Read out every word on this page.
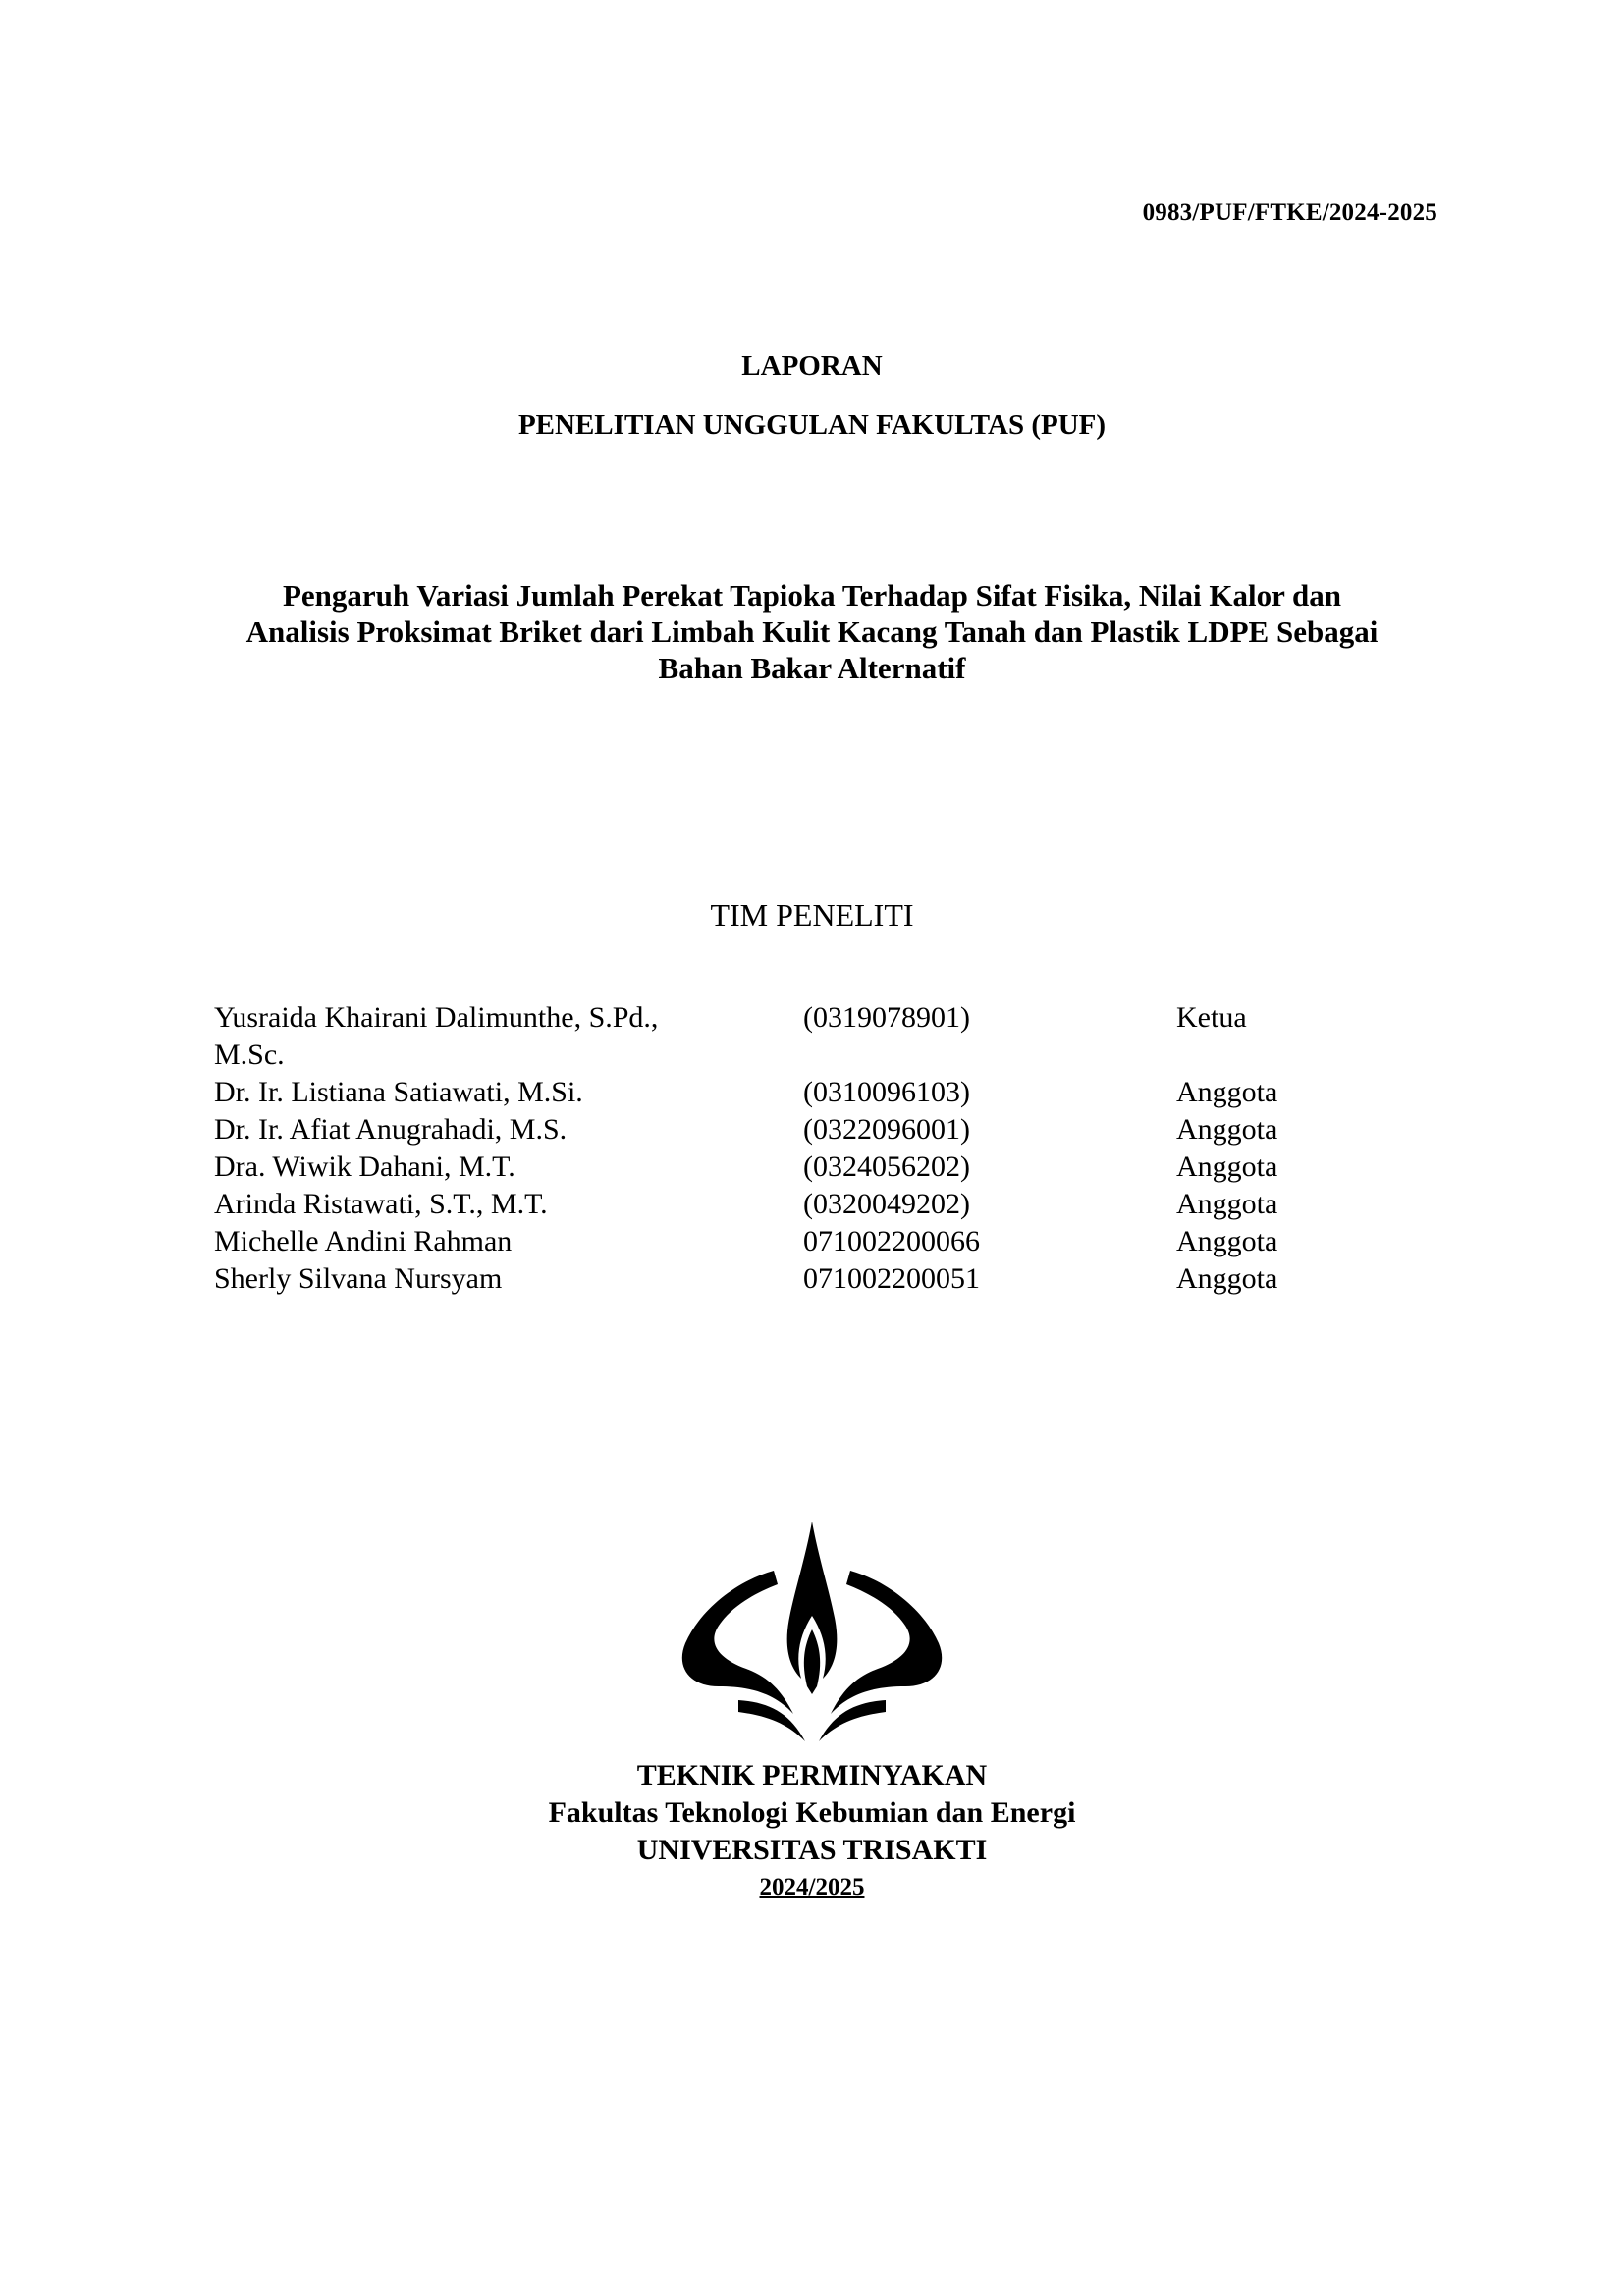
0983/PUF/FTKE/2024-2025
LAPORAN
PENELITIAN UNGGULAN FAKULTAS (PUF)
Pengaruh Variasi Jumlah Perekat Tapioka Terhadap Sifat Fisika, Nilai Kalor dan
Analisis Proksimat Briket dari Limbah Kulit Kacang Tanah dan Plastik LDPE Sebagai
Bahan Bakar Alternatif
TIM PENELITI
Yusraida Khairani Dalimunthe, S.Pd.,
M.Sc.
(0319078901)	Ketua
Dr. Ir. Listiana Satiawati, M.Si.	(0310096103)	Anggota
Dr. Ir. Afiat Anugrahadi, M.S.	(0322096001)	Anggota
Dra. Wiwik Dahani, M.T.	(0324056202)	Anggota
Arinda Ristawati, S.T., M.T.	(0320049202)	Anggota
Michelle Andini Rahman	071002200066	Anggota
Sherly Silvana Nursyam	071002200051	Anggota
TEKNIK PERMINYAKAN
Fakultas Teknologi Kebumian dan Energi
UNIVERSITAS TRISAKTI
2024/2025
